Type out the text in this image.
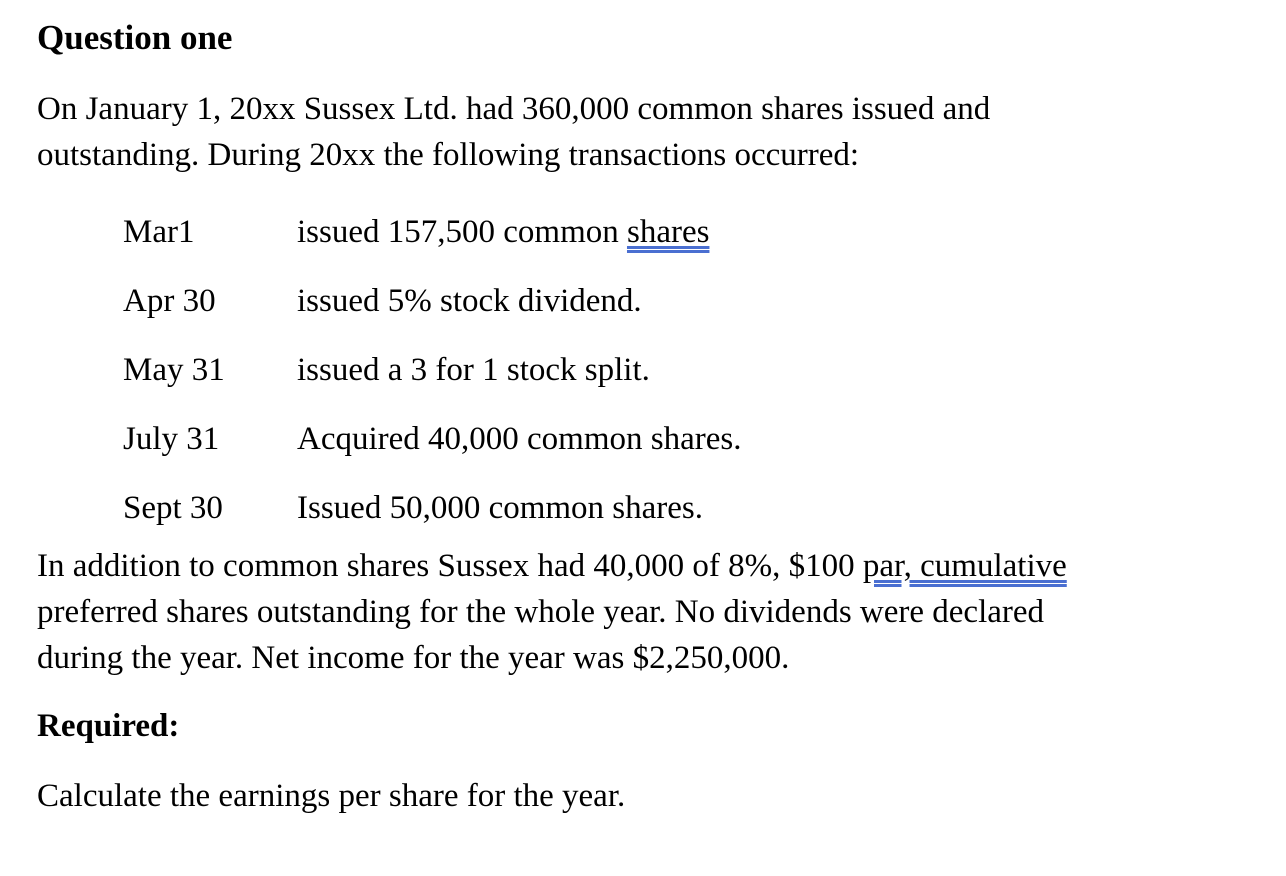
Question one
On January 1, 20xx Sussex Ltd. had 360,000 common shares issued and
outstanding. During 20xx the following transactions occurred:
Mar1	issued 157,500 common shares
Apr 30	issued 5% stock dividend.
May 31	issued a 3 for 1 stock split.
July 31	Acquired 40,000 common shares.
Sept 30	Issued 50,000 common shares.
In addition to common shares Sussex had 40,000 of 8%, $100 par, cumulative
preferred shares outstanding for the whole year. No dividends were declared
during the year. Net income for the year was $2,250,000.
Required:
Calculate the earnings per share for the year.
